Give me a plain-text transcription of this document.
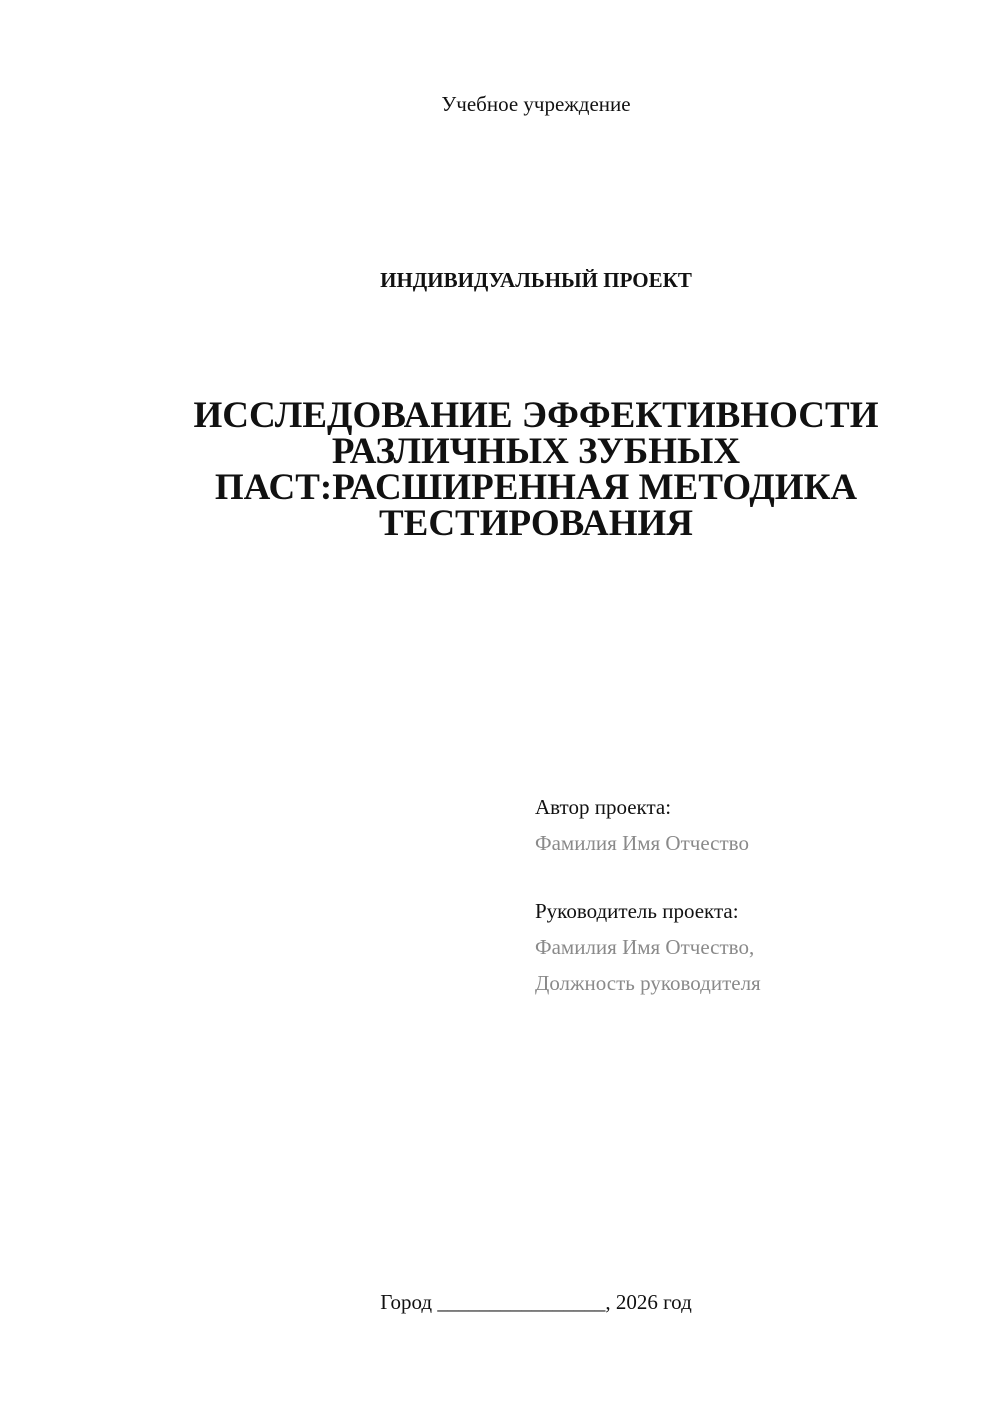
Учебное учреждение
ИНДИВИДУАЛЬНЫЙ ПРОЕКТ
ИССЛЕДОВАНИЕ ЭФФЕКТИВНОСТИ
РАЗЛИЧНЫХ ЗУБНЫХ
ПАСТ:РАСШИРЕННАЯ МЕТОДИКА
ТЕСТИРОВАНИЯ
Автор проекта:
Фамилия Имя Отчество
Руководитель проекта:
Фамилия Имя Отчество,
Должность руководителя
Город ________________, 2026 год
